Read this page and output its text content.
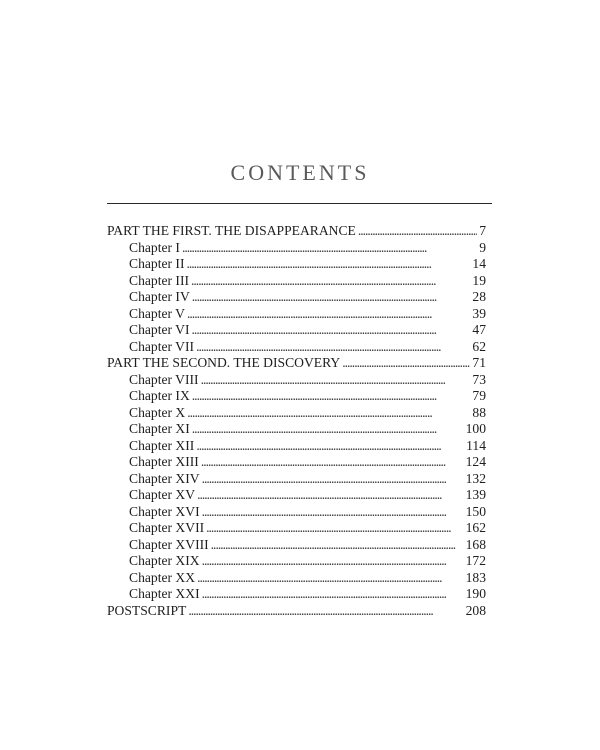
CONTENTS
PART THE FIRST. THE DISAPPEARANCE . . .	7
Chapter I . . .	9
Chapter II . . .	14
Chapter III . . .	19
Chapter IV . . .	28
Chapter V . . .	39
Chapter VI . . .	47
Chapter VII . . .	62
PART THE SECOND. THE DISCOVERY . . .	71
Chapter VIII . . .	73
Chapter IX . . .	79
Chapter X . . .	88
Chapter XI . . .	100
Chapter XII . . .	114
Chapter XIII . . .	124
Chapter XIV . . .	132
Chapter XV . . .	139
Chapter XVI . . .	150
Chapter XVII . . .	162
Chapter XVIII . . .	168
Chapter XIX . . .	172
Chapter XX . . .	183
Chapter XXI . . .	190
POSTSCRIPT . . .	208
